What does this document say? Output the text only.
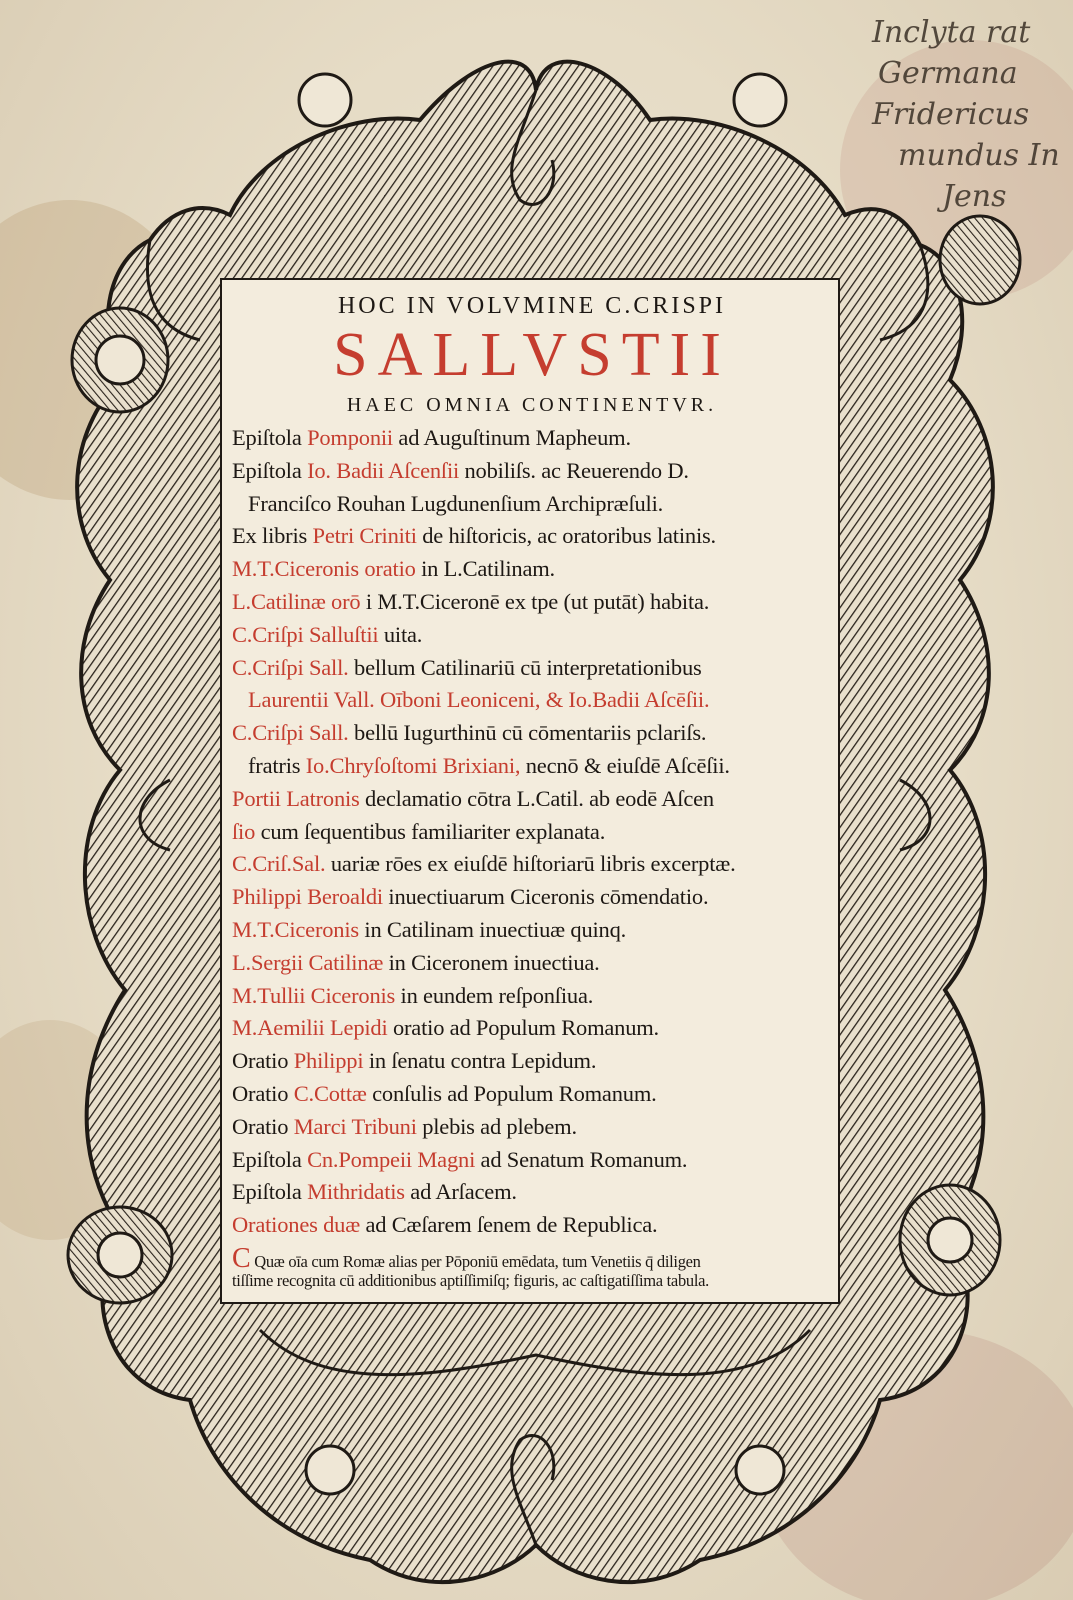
Inclyta rat
Germana
Fridericus
mundus In
Jens
HOC IN VOLVMINE C.CRISPI
SALLVSTII
HAEC OMNIA CONTINENTVR.
Epiſtola Pomponii ad Auguſtinum Mapheum.
Epiſtola Io. Badii Aſcenſii nobiliſs. ac Reuerendo D.
Franciſco Rouhan Lugdunenſium Archipræſuli.
Ex libris Petri Criniti de hiſtoricis, ac oratoribus latinis.
M.T.Ciceronis oratio in L.Catilinam.
L.Catilinæ orō i M.T.Ciceronē ex tpe (ut putāt) habita.
C.Criſpi Salluſtii uita.
C.Criſpi Sall. bellum Catilinariū cū interpretationibus
Laurentii Vall. Oīboni Leoniceni, & Io.Badii Aſcēſii.
C.Criſpi Sall. bellū Iugurthinū cū cōmentariis pclariſs.
fratris Io.Chryſoſtomi Brixiani, necnō & eiuſdē Aſcēſii.
Portii Latronis declamatio cōtra L.Catil. ab eodē Aſcen
ſio cum ſequentibus familiariter explanata.
C.Criſ.Sal. uariæ rōes ex eiuſdē hiſtoriarū libris excerptæ.
Philippi Beroaldi inuectiuarum Ciceronis cōmendatio.
M.T.Ciceronis in Catilinam inuectiuæ quinq.
L.Sergii Catilinæ in Ciceronem inuectiua.
M.Tullii Ciceronis in eundem reſponſiua.
M.Aemilii Lepidi oratio ad Populum Romanum.
Oratio Philippi in ſenatu contra Lepidum.
Oratio C.Cottæ conſulis ad Populum Romanum.
Oratio Marci Tribuni plebis ad plebem.
Epiſtola Cn.Pompeii Magni ad Senatum Romanum.
Epiſtola Mithridatis ad Arſacem.
Orationes duæ ad Cæſarem ſenem de Republica.
C Quæ oīa cum Romæ alias per Pōponiū emēdata, tum Venetiis q̄ diligen
tiſſime recognita cū additionibus aptiſſimiſq; figuris, ac caſtigatiſſima tabula.
